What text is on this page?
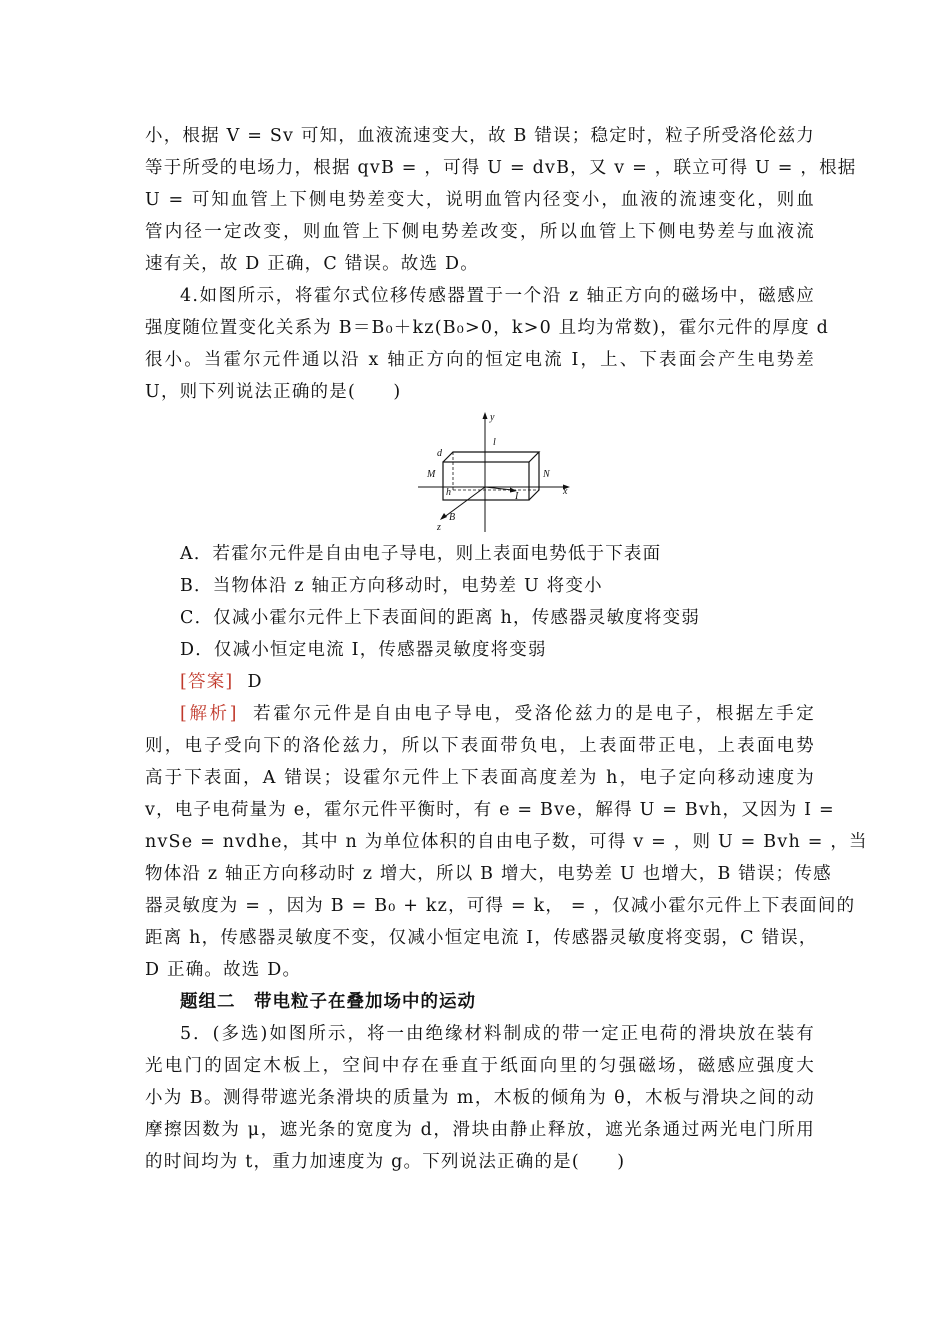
小，根据 V = Sv 可知，血液流速变大，故 B 错误；稳定时，粒子所受洛伦兹力
等于所受的电场力，根据 qvB = ，可得 U = dvB，又 v = ，联立可得 U = ，根据
U = 可知血管上下侧电势差变大，说明血管内径变小，血液的流速变化，则血
管内径一定改变，则血管上下侧电势差改变，所以血管上下侧电势差与血液流
速有关，故 D 正确，C 错误。故选 D。
4.如图所示，将霍尔式位移传感器置于一个沿 z 轴正方向的磁场中，磁感应
强度随位置变化关系为 B＝B₀＋kz(B₀>0，k>0 且均为常数)，霍尔元件的厚度 d
很小。当霍尔元件通以沿 x 轴正方向的恒定电流 I，上、下表面会产生电势差
U，则下列说法正确的是(　　)
y
x
z
l
d
M	N
h	I
B
A．若霍尔元件是自由电子导电，则上表面电势低于下表面
B．当物体沿 z 轴正方向移动时，电势差 U 将变小
C．仅减小霍尔元件上下表面间的距离 h，传感器灵敏度将变弱
D．仅减小恒定电流 I，传感器灵敏度将变弱
[答案] D
[解析] 若霍尔元件是自由电子导电，受洛伦兹力的是电子，根据左手定
则，电子受向下的洛伦兹力，所以下表面带负电，上表面带正电，上表面电势
高于下表面，A 错误；设霍尔元件上下表面高度差为 h，电子定向移动速度为
v，电子电荷量为 e，霍尔元件平衡时，有 e = Bve，解得 U = Bvh，又因为 I =
nvSe = nvdhe，其中 n 为单位体积的自由电子数，可得 v = ，则 U = Bvh = ，当
物体沿 z 轴正方向移动时 z 增大，所以 B 增大，电势差 U 也增大，B 错误；传感
器灵敏度为 = ，因为 B = B₀ + kz，可得 = k， = ，仅减小霍尔元件上下表面间的
距离 h，传感器灵敏度不变，仅减小恒定电流 I，传感器灵敏度将变弱，C 错误，
D 正确。故选 D。
题组二　带电粒子在叠加场中的运动
5．(多选)如图所示，将一由绝缘材料制成的带一定正电荷的滑块放在装有
光电门的固定木板上，空间中存在垂直于纸面向里的匀强磁场，磁感应强度大
小为 B。测得带遮光条滑块的质量为 m，木板的倾角为 θ，木板与滑块之间的动
摩擦因数为 μ，遮光条的宽度为 d，滑块由静止释放，遮光条通过两光电门所用
的时间均为 t，重力加速度为 g。下列说法正确的是(　　)
